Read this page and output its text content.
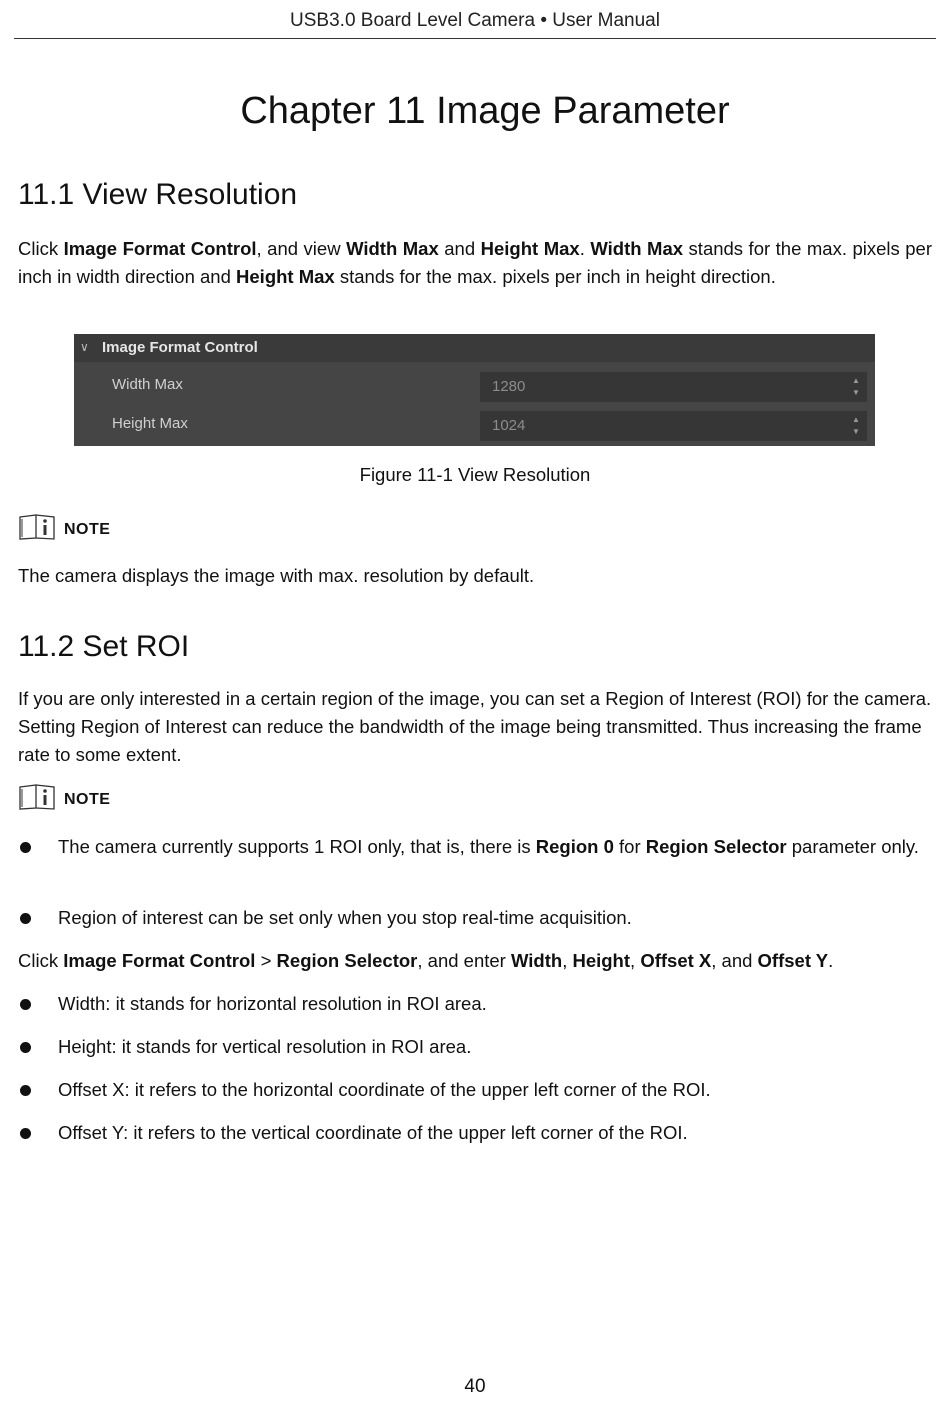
USB3.0 Board Level Camera • User Manual
Chapter 11 Image Parameter
11.1 View Resolution
Click Image Format Control, and view Width Max and Height Max. Width Max stands for the max. pixels per inch in width direction and Height Max stands for the max. pixels per inch in height direction.
∨ Image Format Control
Width Max	1280	▲
▼
Height Max	1024	▲
▼
Figure 11-1 View Resolution
NOTE
The camera displays the image with max. resolution by default.
11.2 Set ROI
If you are only interested in a certain region of the image, you can set a Region of Interest (ROI) for the camera. Setting Region of Interest can reduce the bandwidth of the image being transmitted. Thus increasing the frame rate to some extent.
NOTE
The camera currently supports 1 ROI only, that is, there is Region 0 for Region Selector parameter only.
Region of interest can be set only when you stop real-time acquisition.
Click Image Format Control > Region Selector, and enter Width, Height, Offset X, and Offset Y.
Width: it stands for horizontal resolution in ROI area.
Height: it stands for vertical resolution in ROI area.
Offset X: it refers to the horizontal coordinate of the upper left corner of the ROI.
Offset Y: it refers to the vertical coordinate of the upper left corner of the ROI.
40
